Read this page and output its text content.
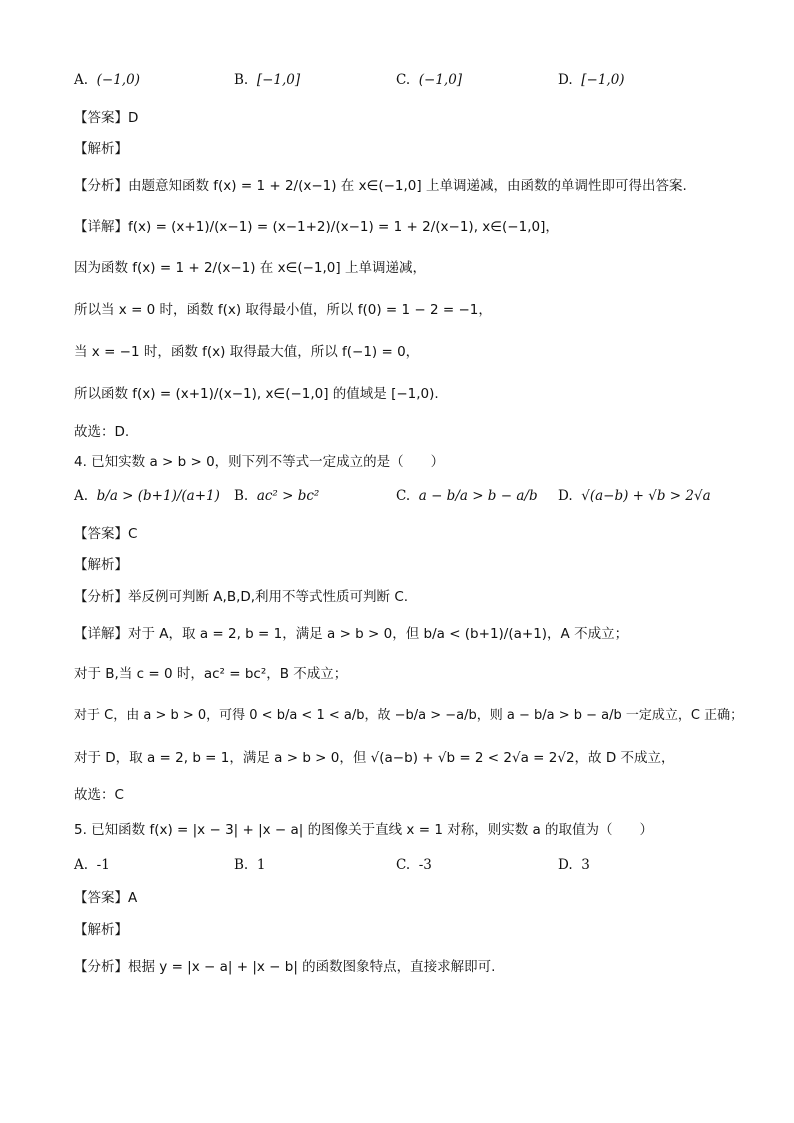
A. (−1,0)	B. [−1,0]	C. (−1,0]	D. [−1,0)
【答案】D
【解析】
【分析】由题意知函数 f(x) = 1 + 2/(x−1) 在 x∈(−1,0] 上单调递减，由函数的单调性即可得出答案.
【详解】f(x) = (x+1)/(x−1) = (x−1+2)/(x−1) = 1 + 2/(x−1), x∈(−1,0]，
因为函数 f(x) = 1 + 2/(x−1) 在 x∈(−1,0] 上单调递减，
所以当 x = 0 时，函数 f(x) 取得最小值，所以 f(0) = 1 − 2 = −1，
当 x = −1 时，函数 f(x) 取得最大值，所以 f(−1) = 0，
所以函数 f(x) = (x+1)/(x−1), x∈(−1,0] 的值域是 [−1,0).
故选：D.
4. 已知实数 a > b > 0，则下列不等式一定成立的是（　　）
A. b/a > (b+1)/(a+1) B. ac² > bc²	C. a − b/a > b − a/b D. √(a−b) + √b > 2√a
【答案】C
【解析】
【分析】举反例可判断 A,B,D,利用不等式性质可判断 C.
【详解】对于 A，取 a = 2, b = 1，满足 a > b > 0，但 b/a < (b+1)/(a+1)，A 不成立；
对于 B,当 c = 0 时，ac² = bc²，B 不成立；
对于 C，由 a > b > 0，可得 0 < b/a < 1 < a/b，故 −b/a > −a/b，则 a − b/a > b − a/b 一定成立，C 正确；
对于 D，取 a = 2, b = 1，满足 a > b > 0，但 √(a−b) + √b = 2 < 2√a = 2√2，故 D 不成立，
故选：C
5. 已知函数 f(x) = |x − 3| + |x − a| 的图像关于直线 x = 1 对称，则实数 a 的取值为（　　）
A. -1	B. 1	C. -3	D. 3
【答案】A
【解析】
【分析】根据 y = |x − a| + |x − b| 的函数图象特点，直接求解即可.
